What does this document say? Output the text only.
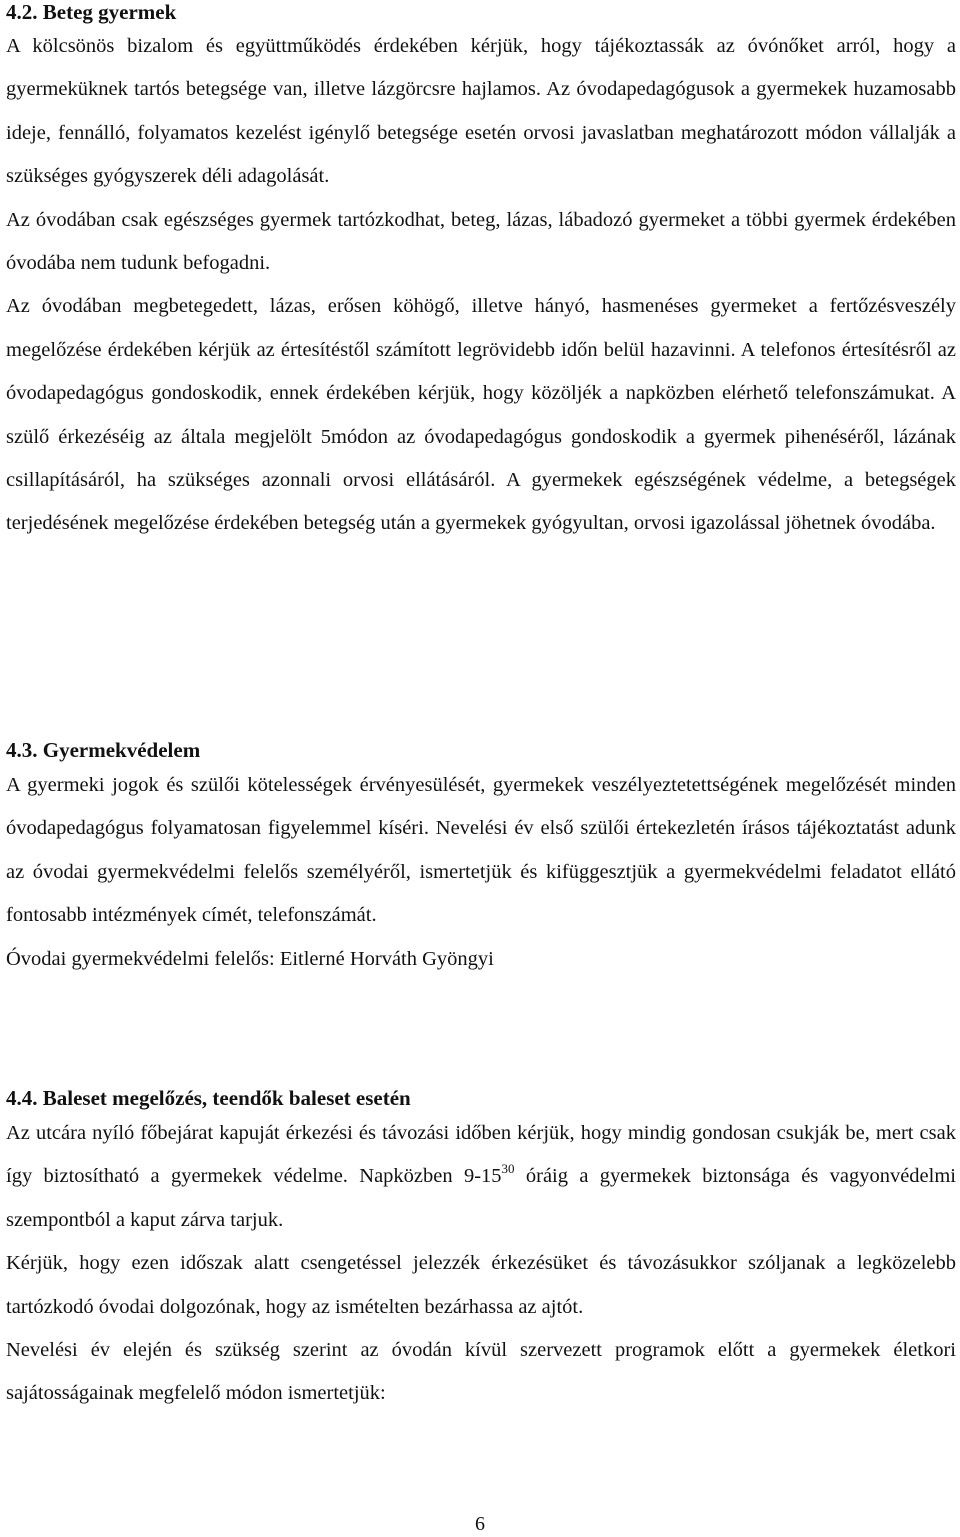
4.2. Beteg gyermek

A kölcsönös bizalom és együttműködés érdekében kérjük, hogy tájékoztassák az óvónőket arról, hogy a gyermeküknek tartós betegsége van, illetve lázgörcsre hajlamos. Az óvodapedagógusok a gyermekek huzamosabb ideje, fennálló, folyamatos kezelést igénylő betegsége esetén orvosi javaslatban meghatározott módon vállalják a szükséges gyógyszerek déli adagolását.

Az óvodában csak egészséges gyermek tartózkodhat, beteg, lázas, lábadozó gyermeket a többi gyermek érdekében óvodába nem tudunk befogadni.

Az óvodában megbetegedett, lázas, erősen köhögő, illetve hányó, hasmenéses gyermeket a fertőzésveszély megelőzése érdekében kérjük az értesítéstől számított legrövidebb időn belül hazavinni. A telefonos értesítésről az óvodapedagógus gondoskodik, ennek érdekében kérjük, hogy közöljék a napközben elérhető telefonszámukat. A szülő érkezéséig az általa megjelölt 5módon az óvodapedagógus gondoskodik a gyermek pihenéséről, lázának csillapításáról, ha szükséges azonnali orvosi ellátásáról. A gyermekek egészségének védelme, a betegségek terjedésének megelőzése érdekében betegség után a gyermekek gyógyultan, orvosi igazolással jöhetnek óvodába.

4.3. Gyermekvédelem

A gyermeki jogok és szülői kötelességek érvényesülését, gyermekek veszélyeztetettségének megelőzését minden óvodapedagógus folyamatosan figyelemmel kíséri. Nevelési év első szülői értekezletén írásos tájékoztatást adunk az óvodai gyermekvédelmi felelős személyéről, ismertetjük és kifüggesztjük a gyermekvédelmi feladatot ellátó fontosabb intézmények címét, telefonszámát.

Óvodai gyermekvédelmi felelős: Eitlerné Horváth Gyöngyi

4.4. Baleset megelőzés, teendők baleset esetén

Az utcára nyíló főbejárat kapuját érkezési és távozási időben kérjük, hogy mindig gondosan csukják be, mert csak így biztosítható a gyermekek védelme. Napközben $9-15^{30}$ óráig a gyermekek biztonsága és vagyonvédelmi szempontból a kaput zárva tarjuk.

Kérjük, hogy ezen időszak alatt csengetéssel jelezzék érkezésüket és távozásukkor szóljanak a legközelebb tartózkodó óvodai dolgozónak, hogy az ismételten bezárhassa az ajtót.

Nevelési év elején és szükség szerint az óvodán kívül szervezett programok előtt a gyermekek életkori sajátosságainak megfelelő módon ismertetjük:

6
